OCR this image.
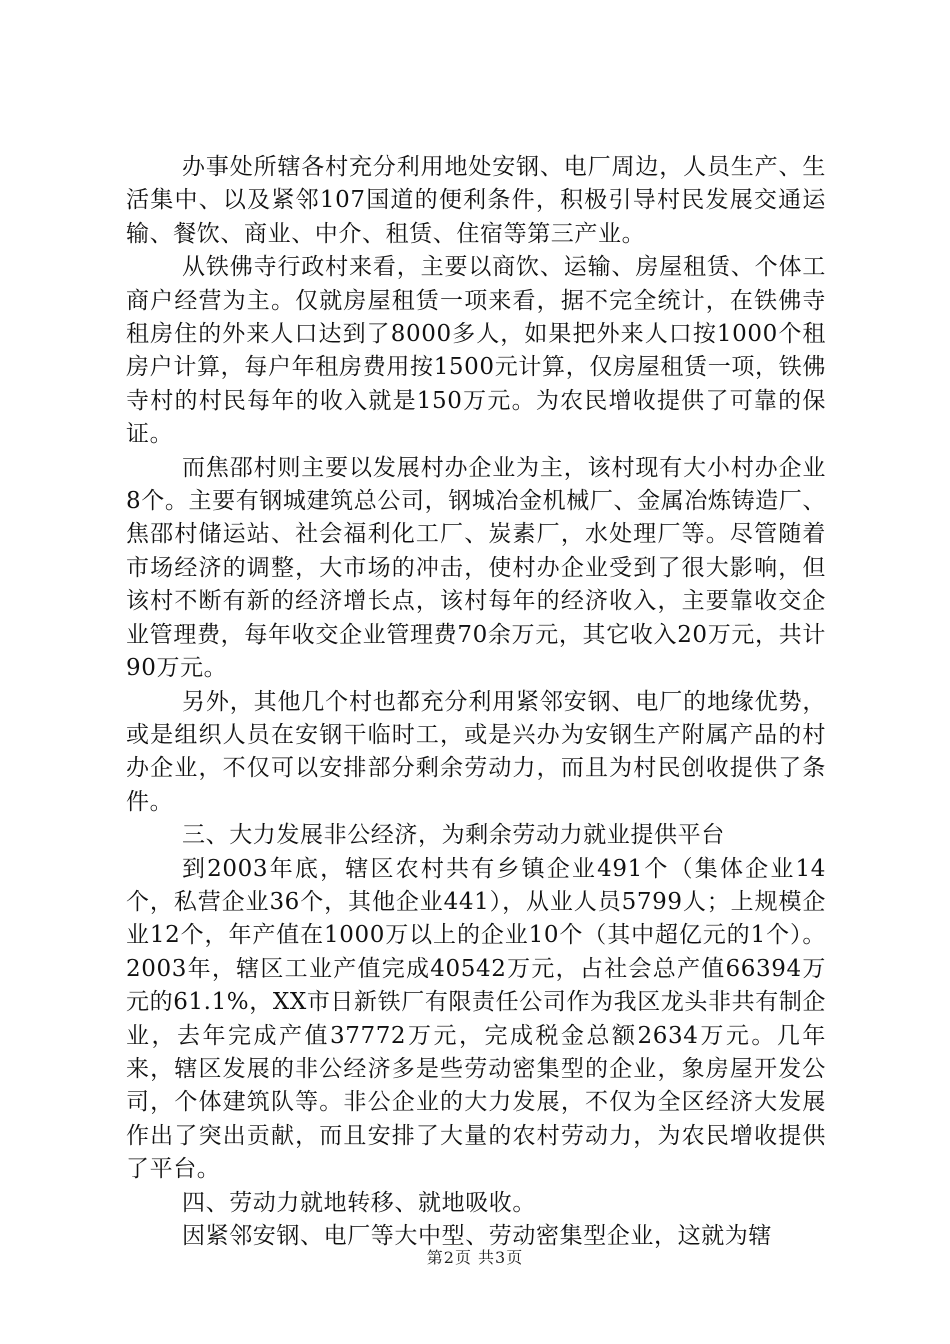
办事处所辖各村充分利用地处安钢、电厂周边，人员生产、生活集中、以及紧邻107国道的便利条件，积极引导村民发展交通运输、餐饮、商业、中介、租赁、住宿等第三产业。

从铁佛寺行政村来看，主要以商饮、运输、房屋租赁、个体工商户经营为主。仅就房屋租赁一项来看，据不完全统计，在铁佛寺租房住的外来人口达到了8000多人，如果把外来人口按1000个租房户计算，每户年租房费用按1500元计算，仅房屋租赁一项，铁佛寺村的村民每年的收入就是150万元。为农民增收提供了可靠的保证。

而焦邵村则主要以发展村办企业为主，该村现有大小村办企业8个。主要有钢城建筑总公司，钢城冶金机械厂、金属冶炼铸造厂、焦邵村储运站、社会福利化工厂、炭素厂，水处理厂等。尽管随着市场经济的调整，大市场的冲击，使村办企业受到了很大影响，但该村不断有新的经济增长点，该村每年的经济收入，主要靠收交企业管理费，每年收交企业管理费70余万元，其它收入20万元，共计90万元。

另外，其他几个村也都充分利用紧邻安钢、电厂的地缘优势，或是组织人员在安钢干临时工，或是兴办为安钢生产附属产品的村办企业，不仅可以安排部分剩余劳动力，而且为村民创收提供了条件。

三、大力发展非公经济，为剩余劳动力就业提供平台

到2003年底，辖区农村共有乡镇企业491个（集体企业14个，私营企业36个，其他企业441），从业人员5799人；上规模企业12个，年产值在1000万以上的企业10个（其中超亿元的1个）。2003年，辖区工业产值完成40542万元，占社会总产值66394万元的61.1%，XX市日新铁厂有限责任公司作为我区龙头非共有制企业，去年完成产值37772万元，完成税金总额2634万元。几年来，辖区发展的非公经济多是些劳动密集型的企业，象房屋开发公司，个体建筑队等。非公企业的大力发展，不仅为全区经济大发展作出了突出贡献，而且安排了大量的农村劳动力，为农民增收提供了平台。

四、劳动力就地转移、就地吸收。

因紧邻安钢、电厂等大中型、劳动密集型企业，这就为辖

第2页 共3页
